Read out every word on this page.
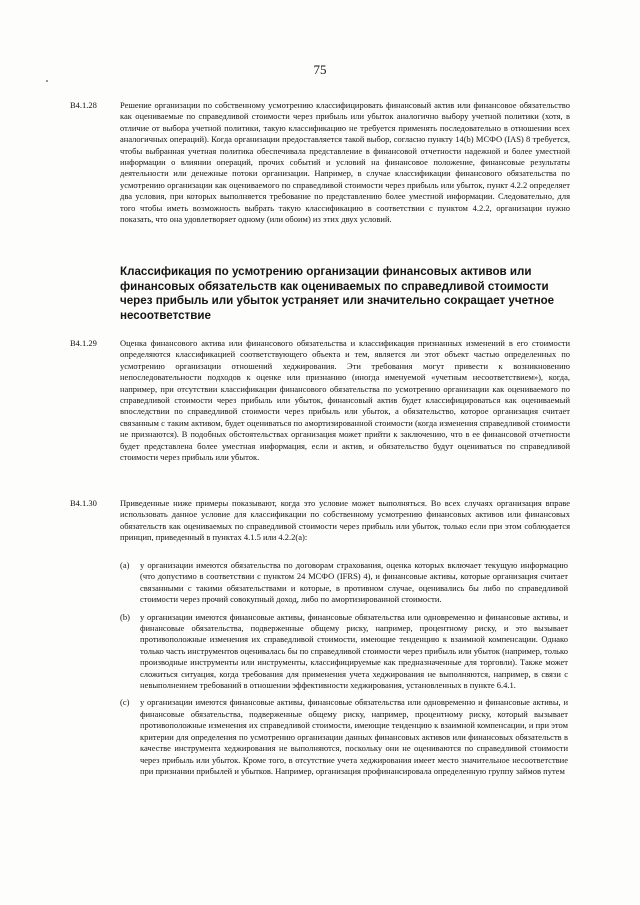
75
B4.1.28	Решение организации по собственному усмотрению классифицировать финансовый актив или финансовое обязательство как оцениваемые по справедливой стоимости через прибыль или убыток аналогично выбору учетной политики (хотя, в отличие от выбора учетной политики, такую классификацию не требуется применять последовательно в отношении всех аналогичных операций). Когда организации предоставляется такой выбор, согласно пункту 14(b) МСФО (IAS) 8 требуется, чтобы выбранная учетная политика обеспечивала представление в финансовой отчетности надежной и более уместной информации о влиянии операций, прочих событий и условий на финансовое положение, финансовые результаты деятельности или денежные потоки организации. Например, в случае классификации финансового обязательства по усмотрению организации как оцениваемого по справедливой стоимости через прибыль или убыток, пункт 4.2.2 определяет два условия, при которых выполняется требование по представлению более уместной информации. Следовательно, для того чтобы иметь возможность выбрать такую классификацию в соответствии с пунктом 4.2.2, организации нужно показать, что она удовлетворяет одному (или обоим) из этих двух условий.
Классификация по усмотрению организации финансовых активов или финансовых обязательств как оцениваемых по справедливой стоимости через прибыль или убыток устраняет или значительно сокращает учетное несоответствие
B4.1.29	Оценка финансового актива или финансового обязательства и классификация признанных изменений в его стоимости определяются классификацией соответствующего объекта и тем, является ли этот объект частью определенных по усмотрению организации отношений хеджирования. Эти требования могут привести к возникновению непоследовательности подходов к оценке или признанию (иногда именуемой «учетным несоответствием»), когда, например, при отсутствии классификации финансового обязательства по усмотрению организации как оцениваемого по справедливой стоимости через прибыль или убыток, финансовый актив будет классифицироваться как оцениваемый впоследствии по справедливой стоимости через прибыль или убыток, а обязательство, которое организация считает связанным с таким активом, будет оцениваться по амортизированной стоимости (когда изменения справедливой стоимости не признаются). В подобных обстоятельствах организация может прийти к заключению, что в ее финансовой отчетности будет представлена более уместная информация, если и актив, и обязательство будут оцениваться по справедливой стоимости через прибыль или убыток.
B4.1.30	Приведенные ниже примеры показывают, когда это условие может выполняться. Во всех случаях организация вправе использовать данное условие для классификации по собственному усмотрению финансовых активов или финансовых обязательств как оцениваемых по справедливой стоимости через прибыль или убыток, только если при этом соблюдается принцип, приведенный в пунктах 4.1.5 или 4.2.2(a):
(a) у организации имеются обязательства по договорам страхования, оценка которых включает текущую информацию (что допустимо в соответствии с пунктом 24 МСФО (IFRS) 4), и финансовые активы, которые организация считает связанными с такими обязательствами и которые, в противном случае, оценивались бы либо по справедливой стоимости через прочий совокупный доход, либо по амортизированной стоимости.
(b) у организации имеются финансовые активы, финансовые обязательства или одновременно и финансовые активы, и финансовые обязательства, подверженные общему риску, например, процентному риску, и это вызывает противоположные изменения их справедливой стоимости, имеющие тенденцию к взаимной компенсации. Однако только часть инструментов оценивалась бы по справедливой стоимости через прибыль или убыток (например, только производные инструменты или инструменты, классифицируемые как предназначенные для торговли). Также может сложиться ситуация, когда требования для применения учета хеджирования не выполняются, например, в связи с невыполнением требований в отношении эффективности хеджирования, установленных в пункте 6.4.1.
(c) у организации имеются финансовые активы, финансовые обязательства или одновременно и финансовые активы, и финансовые обязательства, подверженные общему риску, например, процентному риску, который вызывает противоположные изменения их справедливой стоимости, имеющие тенденцию к взаимной компенсации, и при этом критерии для определения по усмотрению организации данных финансовых активов или финансовых обязательств в качестве инструмента хеджирования не выполняются, поскольку они не оцениваются по справедливой стоимости через прибыль или убыток. Кроме того, в отсутствие учета хеджирования имеет место значительное несоответствие при признании прибылей и убытков. Например, организация профинансировала определенную группу займов путем
